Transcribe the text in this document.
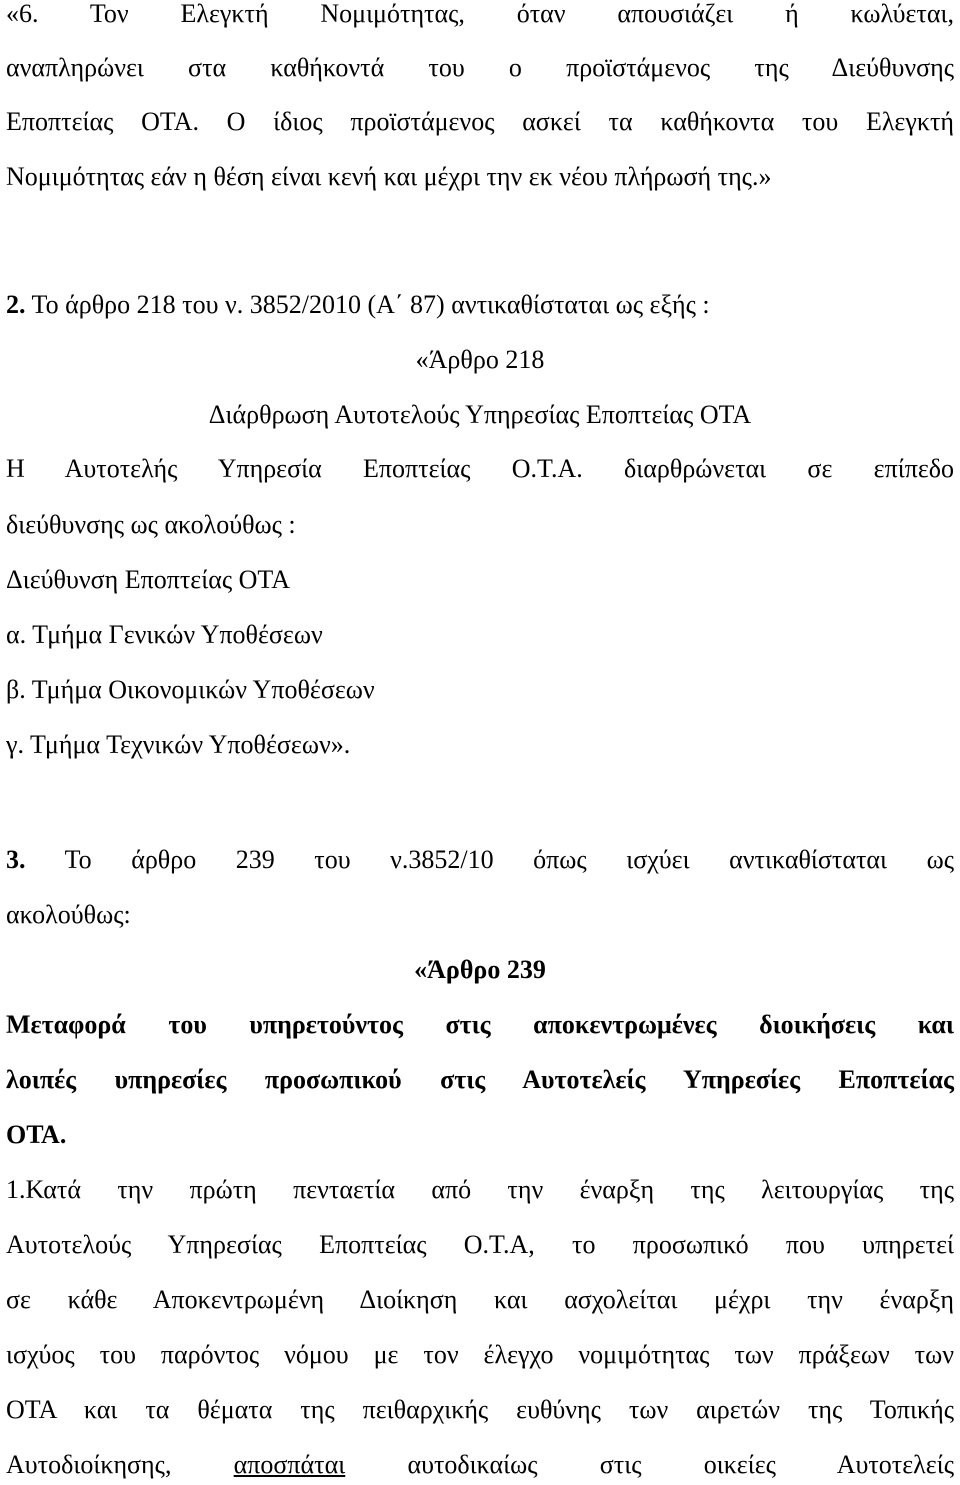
«6. Τον Ελεγκτή Νομιμότητας, όταν απουσιάζει ή κωλύεται,
αναπληρώνει στα καθήκοντά του ο προϊστάμενος της Διεύθυνσης
Εποπτείας ΟΤΑ. Ο ίδιος προϊστάμενος ασκεί τα καθήκοντα του Ελεγκτή
Νομιμότητας εάν η θέση είναι κενή και μέχρι την εκ νέου πλήρωσή της.»
2. Το άρθρο 218 του ν. 3852/2010 (Α΄ 87) αντικαθίσταται ως εξής :
«Άρθρο 218
Διάρθρωση Αυτοτελούς Υπηρεσίας Εποπτείας ΟΤΑ
Η Αυτοτελής Υπηρεσία Εποπτείας Ο.Τ.Α. διαρθρώνεται σε επίπεδο
διεύθυνσης ως ακολούθως :
Διεύθυνση Εποπτείας ΟΤΑ
α. Τμήμα Γενικών Υποθέσεων
β. Τμήμα Οικονομικών Υποθέσεων
γ. Τμήμα Τεχνικών Υποθέσεων».
3. Το άρθρο 239 του ν.3852/10 όπως ισχύει αντικαθίσταται ως
ακολούθως:
«Άρθρο 239
Μεταφορά του υπηρετούντος στις αποκεντρωμένες διοικήσεις και
λοιπές υπηρεσίες προσωπικού στις Αυτοτελείς Υπηρεσίες Εποπτείας
ΟΤΑ.
1.Κατά την πρώτη πενταετία από την έναρξη της λειτουργίας της
Αυτοτελούς Υπηρεσίας Εποπτείας Ο.Τ.Α, το προσωπικό που υπηρετεί
σε κάθε Αποκεντρωμένη Διοίκηση και ασχολείται μέχρι την έναρξη
ισχύος του παρόντος νόμου με τον έλεγχο νομιμότητας των πράξεων των
ΟΤΑ και τα θέματα της πειθαρχικής ευθύνης των αιρετών της Τοπικής
Αυτοδιοίκησης, αποσπάται αυτοδικαίως στις οικείες Αυτοτελείς
